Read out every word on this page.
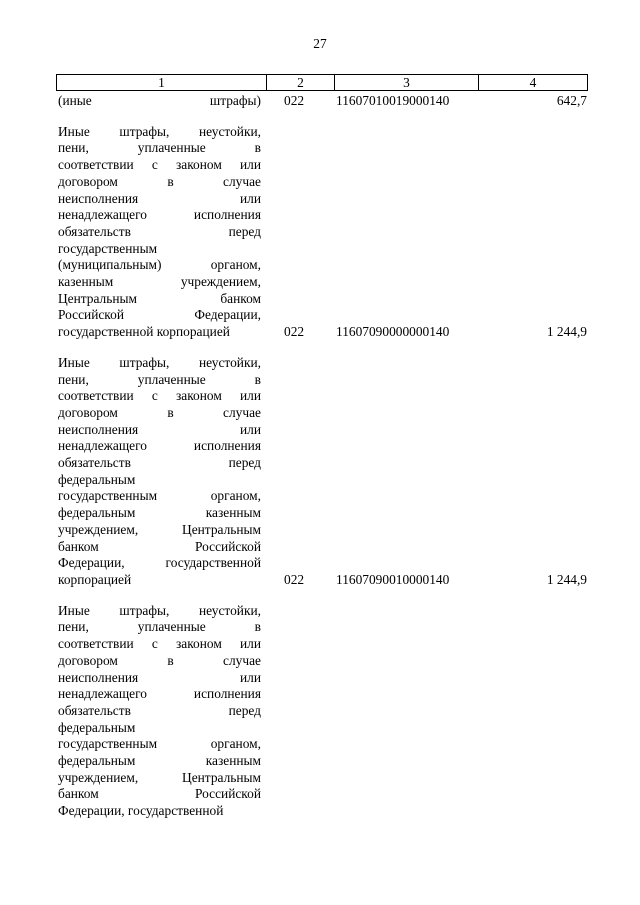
27
1	2	3	4
(иные штрафы) 022	11607010019000140	642,7
Иные штрафы, неустойки,
пени, уплаченные в
соответствии с законом или
договором в случае
неисполнения или
ненадлежащего исполнения
обязательств перед
государственным
(муниципальным) органом,
казенным учреждением,
Центральным банком
Российской Федерации,
государственной корпорацией	022	11607090000000140	1 244,9
Иные штрафы, неустойки,
пени, уплаченные в
соответствии с законом или
договором в случае
неисполнения или
ненадлежащего исполнения
обязательств перед
федеральным
государственным органом,
федеральным казенным
учреждением, Центральным
банком Российской
Федерации, государственной
корпорацией	022	11607090010000140	1 244,9
Иные штрафы, неустойки,
пени, уплаченные в
соответствии с законом или
договором в случае
неисполнения или
ненадлежащего исполнения
обязательств перед
федеральным
государственным органом,
федеральным казенным
учреждением, Центральным
банком Российской
Федерации, государственной
